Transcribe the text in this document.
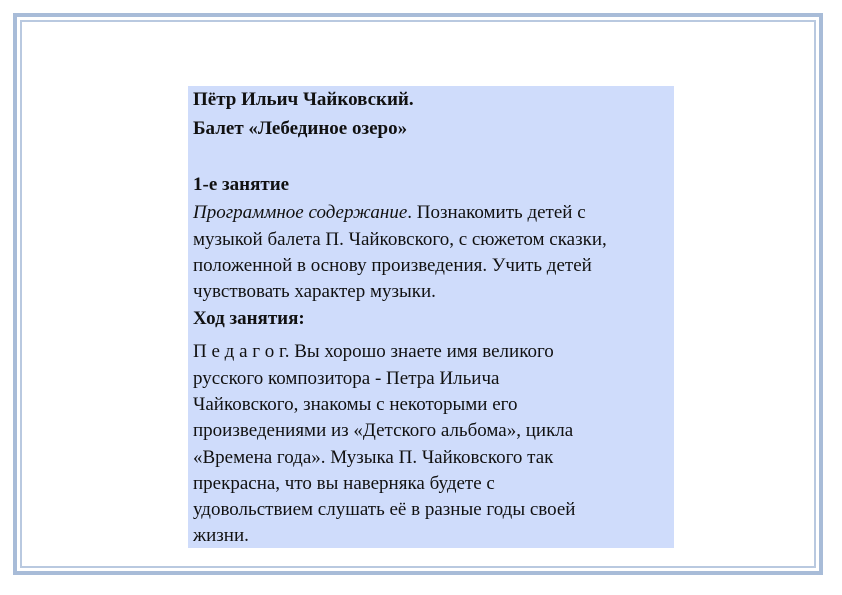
Пётр Ильич Чайковский.

Балет «Лебединое озеро»

1-е занятие

Программное содержание. Познакомить детей с

музыкой балета П. Чайковского, с сюжетом сказки,

положенной в основу произведения. Учить детей

чувствовать характер музыки.

Ход занятия:

П е д а г о г. Вы хорошо знаете имя великого

русского композитора - Петра Ильича

Чайковского, знакомы с некоторыми его

произведениями из «Детского альбома», цикла

«Времена года». Музыка П. Чайковского так

прекрасна, что вы наверняка будете с

удовольствием слушать её в разные годы своей

жизни.
